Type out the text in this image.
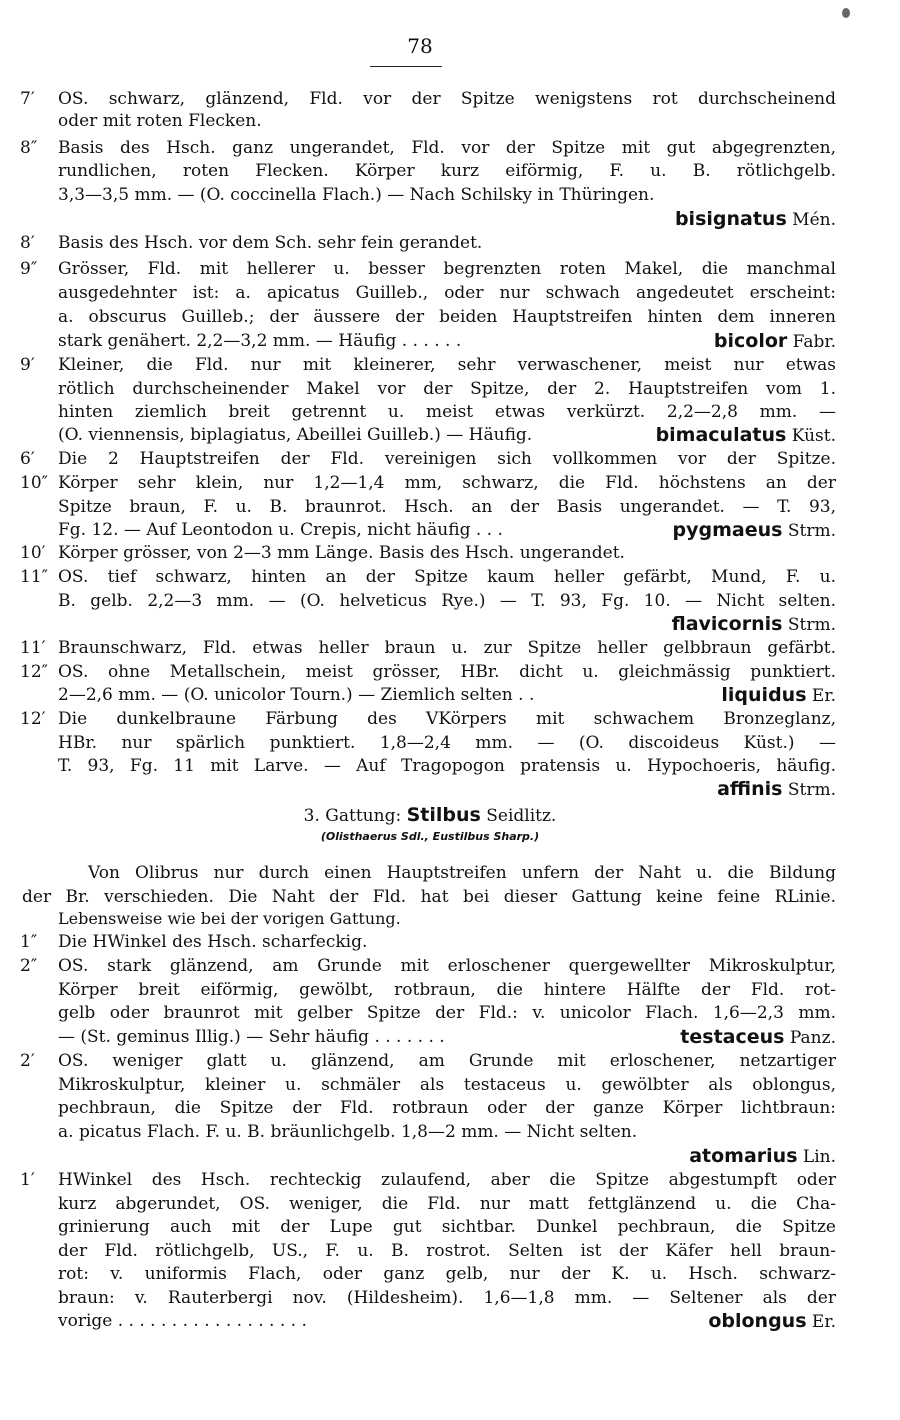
78
7′	OS. schwarz, glänzend, Fld. vor der Spitze wenigstens rot durchscheinend
oder mit roten Flecken.
8″	Basis des Hsch. ganz ungerandet, Fld. vor der Spitze mit gut abgegrenzten,
rundlichen, roten Flecken. Körper kurz eiförmig, F. u. B. rötlichgelb.
3,3—3,5 mm. — (O. coccinella Flach.) — Nach Schilsky in Thüringen.
bisignatus Mén.
8′	Basis des Hsch. vor dem Sch. sehr fein gerandet.
9″	Grösser, Fld. mit hellerer u. besser begrenzten roten Makel, die manchmal
ausgedehnter ist: a. apicatus Guilleb., oder nur schwach angedeutet erscheint:
a. obscurus Guilleb.; der äussere der beiden Hauptstreifen hinten dem inneren
stark genähert. 2,2—3,2 mm. — Häufig . . . . . .	bicolor Fabr.
9′	Kleiner, die Fld. nur mit kleinerer, sehr verwaschener, meist nur etwas
rötlich durchscheinender Makel vor der Spitze, der 2. Hauptstreifen vom 1.
hinten ziemlich breit getrennt u. meist etwas verkürzt. 2,2—2,8 mm. —
(O. viennensis, biplagiatus, Abeillei Guilleb.) — Häufig.	bimaculatus Küst.
6′	Die 2 Hauptstreifen der Fld. vereinigen sich vollkommen vor der Spitze.
10″ Körper sehr klein, nur 1,2—1,4 mm, schwarz, die Fld. höchstens an der
Spitze braun, F. u. B. braunrot. Hsch. an der Basis ungerandet. — T. 93,
Fg. 12. — Auf Leontodon u. Crepis, nicht häufig . . .	pygmaeus Strm.
10′ Körper grösser, von 2—3 mm Länge. Basis des Hsch. ungerandet.
11″ OS. tief schwarz, hinten an der Spitze kaum heller gefärbt, Mund, F. u.
B. gelb. 2,2—3 mm. — (O. helveticus Rye.) — T. 93, Fg. 10. — Nicht selten.
flavicornis Strm.
11′ Braunschwarz, Fld. etwas heller braun u. zur Spitze heller gelbbraun gefärbt.
12″ OS. ohne Metallschein, meist grösser, HBr. dicht u. gleichmässig punktiert.
2—2,6 mm. — (O. unicolor Tourn.) — Ziemlich selten . .	liquidus Er.
12′ Die dunkelbraune Färbung des VKörpers mit schwachem Bronzeglanz,
HBr. nur spärlich punktiert. 1,8—2,4 mm. — (O. discoideus Küst.) —
T. 93, Fg. 11 mit Larve. — Auf Tragopogon pratensis u. Hypochoeris, häufig.
affinis Strm.
3. Gattung: Stilbus Seidlitz.
(Olisthaerus Sdl., Eustilbus Sharp.)
Von Olibrus nur durch einen Hauptstreifen unfern der Naht u. die Bildung
der Br. verschieden. Die Naht der Fld. hat bei dieser Gattung keine feine RLinie.
Lebensweise wie bei der vorigen Gattung.
1″	Die HWinkel des Hsch. scharfeckig.
2″	OS. stark glänzend, am Grunde mit erloschener quergewellter Mikroskulptur,
Körper breit eiförmig, gewölbt, rotbraun, die hintere Hälfte der Fld. rot-
gelb oder braunrot mit gelber Spitze der Fld.: v. unicolor Flach. 1,6—2,3 mm.
— (St. geminus Illig.) — Sehr häufig . . . . . . .	testaceus Panz.
2′	OS. weniger glatt u. glänzend, am Grunde mit erloschener, netzartiger
Mikroskulptur, kleiner u. schmäler als testaceus u. gewölbter als oblongus,
pechbraun, die Spitze der Fld. rotbraun oder der ganze Körper lichtbraun:
a. picatus Flach. F. u. B. bräunlichgelb. 1,8—2 mm. — Nicht selten.
atomarius Lin.
1′	HWinkel des Hsch. rechteckig zulaufend, aber die Spitze abgestumpft oder
kurz abgerundet, OS. weniger, die Fld. nur matt fettglänzend u. die Cha-
grinierung auch mit der Lupe gut sichtbar. Dunkel pechbraun, die Spitze
der Fld. rötlichgelb, US., F. u. B. rostrot. Selten ist der Käfer hell braun-
rot: v. uniformis Flach, oder ganz gelb, nur der K. u. Hsch. schwarz-
braun: v. Rauterbergi nov. (Hildesheim). 1,6—1,8 mm. — Seltener als der
vorige . . . . . . . . . . . . . . . . . .	oblongus Er.
